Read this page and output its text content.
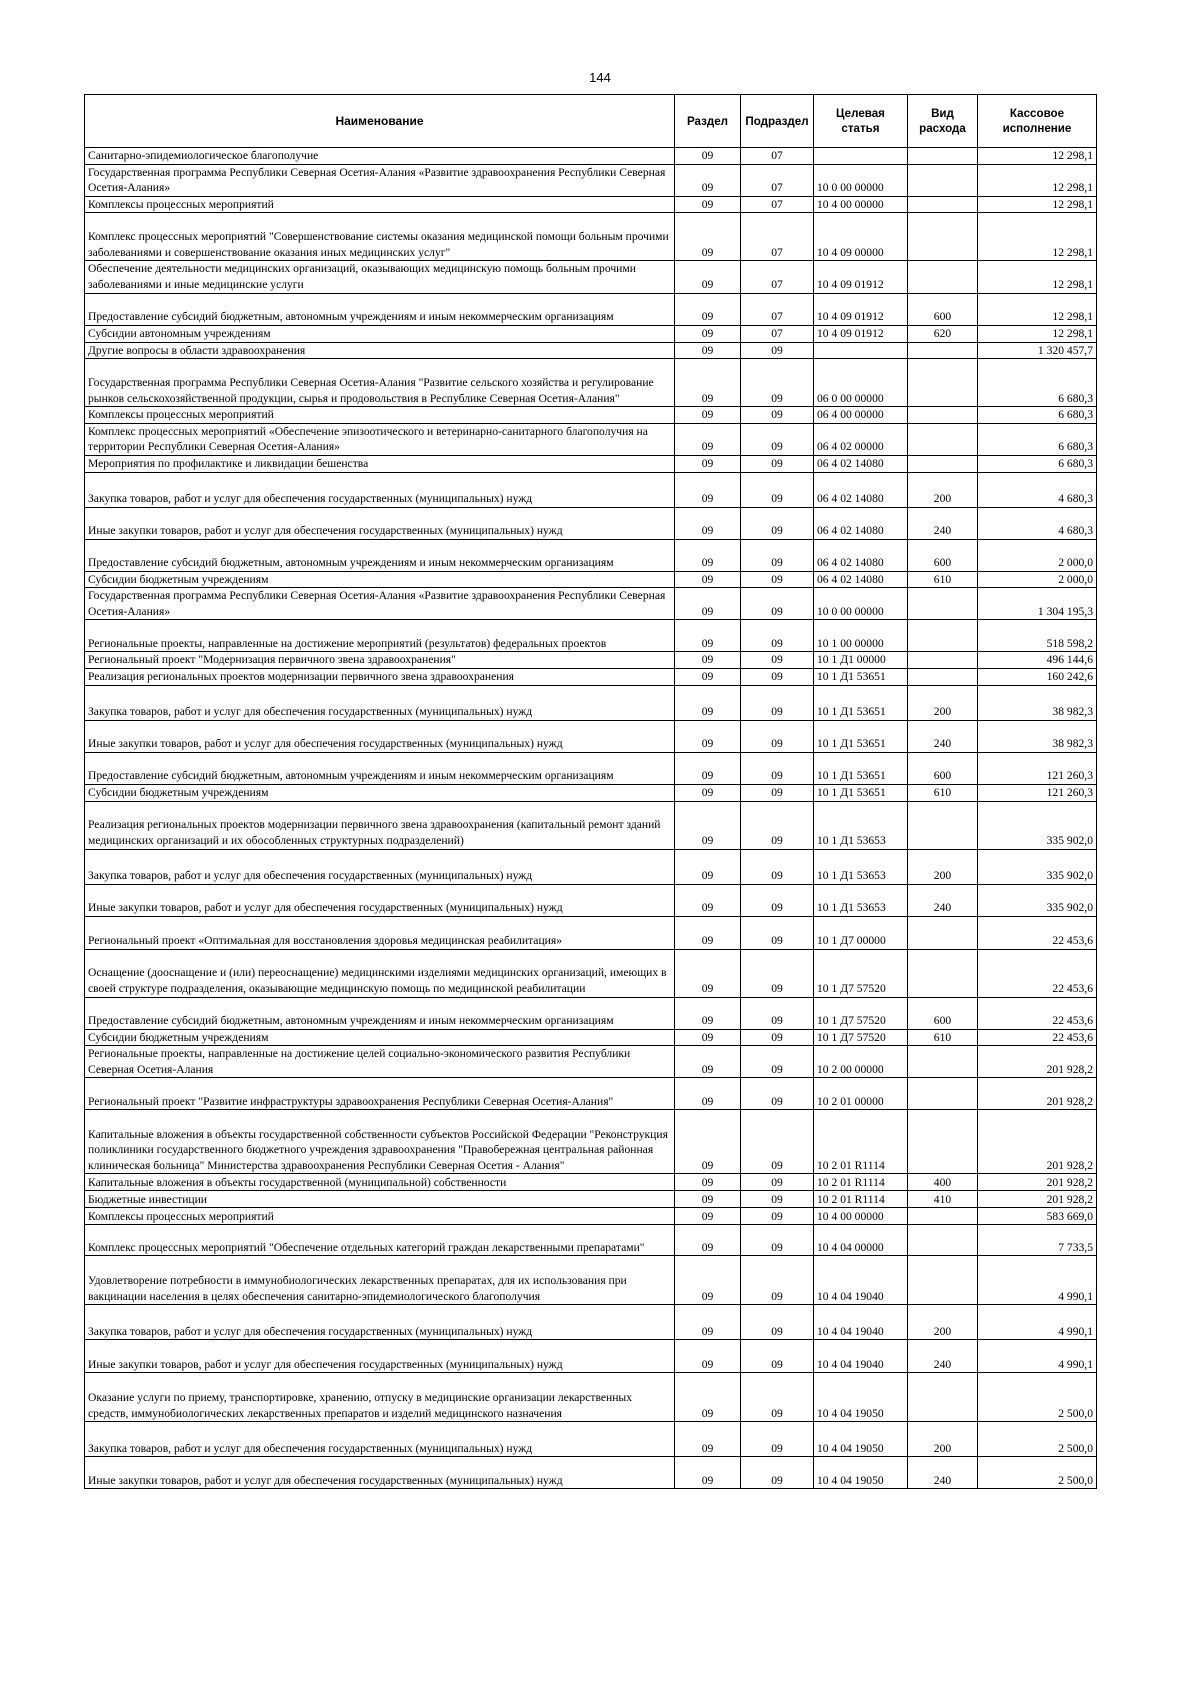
144
Наименование	Раздел	Подраздел	Целевая статья	Вид расхода	Кассовое исполнение
Санитарно-эпидемиологическое благополучие	09	07			12 298,1
Государственная программа Республики Северная Осетия-Алания «Развитие здравоохранения Республики Северная Осетия-Алания»	09	07	10 0 00 00000		12 298,1
Комплексы процессных мероприятий	09	07	10 4 00 00000		12 298,1
Комплекс процессных мероприятий "Совершенствование системы оказания медицинской помощи больным прочими заболеваниями и совершенствование оказания иных медицинских услуг"	09	07	10 4 09 00000		12 298,1
Обеспечение деятельности медицинских организаций, оказывающих медицинскую помощь больным прочими заболеваниями и иные медицинские услуги	09	07	10 4 09 01912		12 298,1
Предоставление субсидий бюджетным, автономным учреждениям и иным некоммерческим организациям	09	07	10 4 09 01912	600	12 298,1
Субсидии автономным учреждениям	09	07	10 4 09 01912	620	12 298,1
Другие вопросы в области здравоохранения	09	09			1 320 457,7
Государственная программа Республики Северная Осетия-Алания "Развитие сельского хозяйства и регулирование рынков сельскохозяйственной продукции, сырья и продовольствия в Республике Северная Осетия-Алания"	09	09	06 0 00 00000		6 680,3
Комплексы процессных мероприятий	09	09	06 4 00 00000		6 680,3
Комплекс процессных мероприятий «Обеспечение эпизоотического и ветеринарно-санитарного благополучия на территории Республики Северная Осетия-Алания»	09	09	06 4 02 00000		6 680,3
Мероприятия по профилактике и ликвидации бешенства	09	09	06 4 02 14080		6 680,3
Закупка товаров, работ и услуг для обеспечения государственных (муниципальных) нужд	09	09	06 4 02 14080	200	4 680,3
Иные закупки товаров, работ и услуг для обеспечения государственных (муниципальных) нужд	09	09	06 4 02 14080	240	4 680,3
Предоставление субсидий бюджетным, автономным учреждениям и иным некоммерческим организациям	09	09	06 4 02 14080	600	2 000,0
Субсидии бюджетным учреждениям	09	09	06 4 02 14080	610	2 000,0
Государственная программа Республики Северная Осетия-Алания «Развитие здравоохранения Республики Северная Осетия-Алания»	09	09	10 0 00 00000		1 304 195,3
Региональные проекты, направленные на достижение мероприятий (результатов) федеральных проектов	09	09	10 1 00 00000		518 598,2
Региональный проект "Модернизация первичного звена здравоохранения"	09	09	10 1 Д1 00000		496 144,6
Реализация региональных проектов модернизации первичного звена здравоохранения	09	09	10 1 Д1 53651		160 242,6
Закупка товаров, работ и услуг для обеспечения государственных (муниципальных) нужд	09	09	10 1 Д1 53651	200	38 982,3
Иные закупки товаров, работ и услуг для обеспечения государственных (муниципальных) нужд	09	09	10 1 Д1 53651	240	38 982,3
Предоставление субсидий бюджетным, автономным учреждениям и иным некоммерческим организациям	09	09	10 1 Д1 53651	600	121 260,3
Субсидии бюджетным учреждениям	09	09	10 1 Д1 53651	610	121 260,3
Реализация региональных проектов модернизации первичного звена здравоохранения (капитальный ремонт зданий медицинских организаций и их обособленных структурных подразделений)	09	09	10 1 Д1 53653		335 902,0
Закупка товаров, работ и услуг для обеспечения государственных (муниципальных) нужд	09	09	10 1 Д1 53653	200	335 902,0
Иные закупки товаров, работ и услуг для обеспечения государственных (муниципальных) нужд	09	09	10 1 Д1 53653	240	335 902,0
Региональный проект «Оптимальная для восстановления здоровья медицинская реабилитация»	09	09	10 1 Д7 00000		22 453,6
Оснащение (дооснащение и (или) переоснащение) медицинскими изделиями медицинских организаций, имеющих в своей структуре подразделения, оказывающие медицинскую помощь по медицинской реабилитации	09	09	10 1 Д7 57520		22 453,6
Предоставление субсидий бюджетным, автономным учреждениям и иным некоммерческим организациям	09	09	10 1 Д7 57520	600	22 453,6
Субсидии бюджетным учреждениям	09	09	10 1 Д7 57520	610	22 453,6
Региональные проекты, направленные на достижение целей социально-экономического развития Республики Северная Осетия-Алания	09	09	10 2 00 00000		201 928,2
Региональный проект "Развитие инфраструктуры здравоохранения Республики Северная Осетия-Алания"	09	09	10 2 01 00000		201 928,2
Капитальные вложения в объекты государственной собственности субъектов Российской Федерации "Реконструкция поликлиники государственного бюджетного учреждения здравоохранения "Правобережная центральная районная клиническая больница" Министерства здравоохранения Республики Северная Осетия - Алания"	09	09	10 2 01 R1114		201 928,2
Капитальные вложения в объекты государственной (муниципальной) собственности	09	09	10 2 01 R1114	400	201 928,2
Бюджетные инвестиции	09	09	10 2 01 R1114	410	201 928,2
Комплексы процессных мероприятий	09	09	10 4 00 00000		583 669,0
Комплекс процессных мероприятий "Обеспечение отдельных категорий граждан лекарственными препаратами"	09	09	10 4 04 00000		7 733,5
Удовлетворение потребности в иммунобиологических лекарственных препаратах, для их использования при вакцинации населения в целях обеспечения санитарно-эпидемиологического благополучия	09	09	10 4 04 19040		4 990,1
Закупка товаров, работ и услуг для обеспечения государственных (муниципальных) нужд	09	09	10 4 04 19040	200	4 990,1
Иные закупки товаров, работ и услуг для обеспечения государственных (муниципальных) нужд	09	09	10 4 04 19040	240	4 990,1
Оказание услуги по приему, транспортировке, хранению, отпуску в медицинские организации лекарственных средств, иммунобиологических лекарственных препаратов и изделий медицинского назначения	09	09	10 4 04 19050		2 500,0
Закупка товаров, работ и услуг для обеспечения государственных (муниципальных) нужд	09	09	10 4 04 19050	200	2 500,0
Иные закупки товаров, работ и услуг для обеспечения государственных (муниципальных) нужд	09	09	10 4 04 19050	240	2 500,0
